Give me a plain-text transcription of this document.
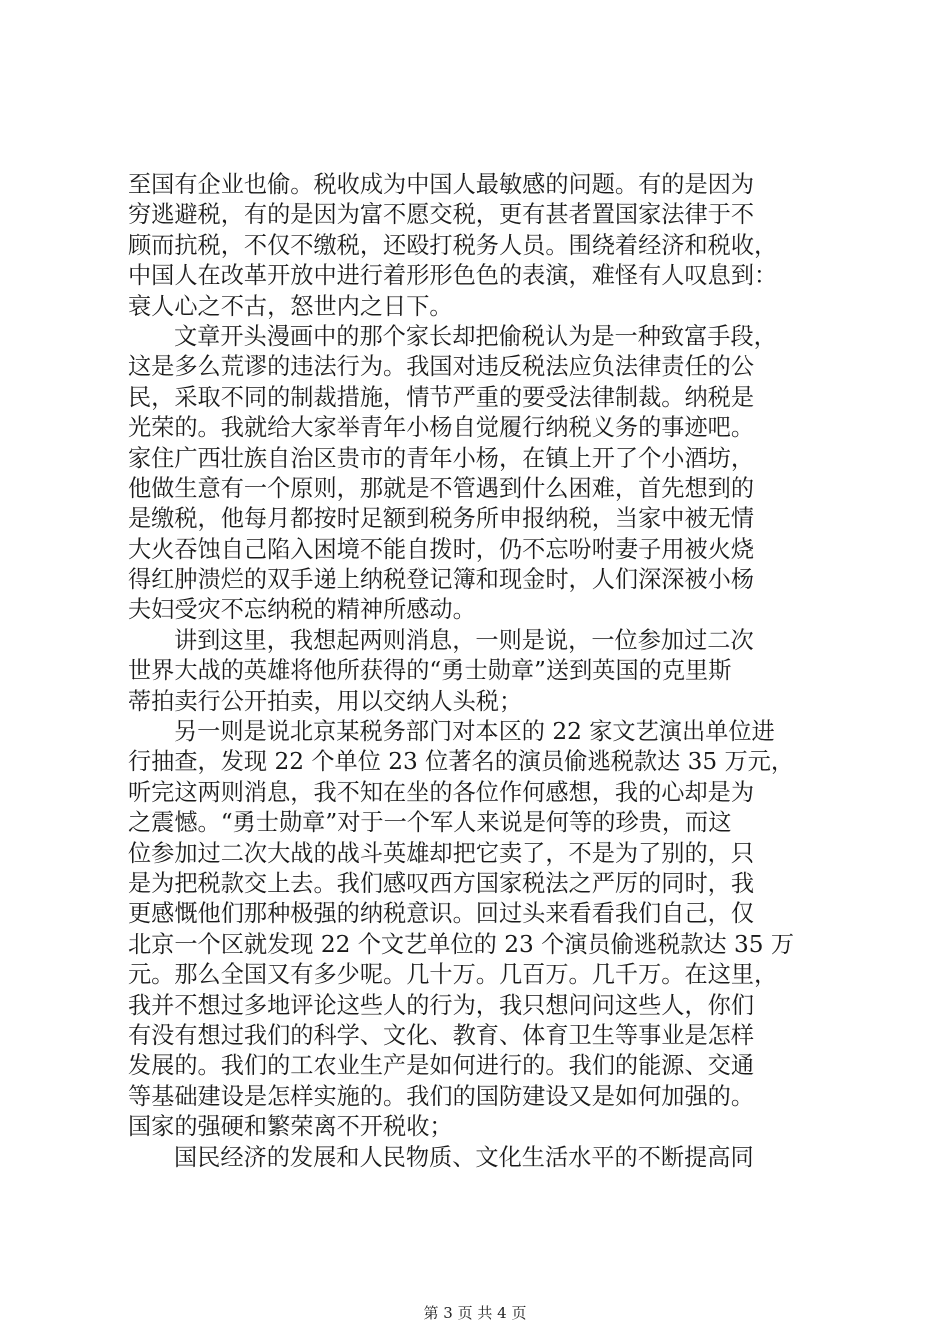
至国有企业也偷。税收成为中国人最敏感的问题。有的是因为
穷逃避税，有的是因为富不愿交税，更有甚者置国家法律于不
顾而抗税，不仅不缴税，还殴打税务人员。围绕着经济和税收，
中国人在改革开放中进行着形形色色的表演，难怪有人叹息到：
衰人心之不古，怒世内之日下。
文章开头漫画中的那个家长却把偷税认为是一种致富手段，
这是多么荒谬的违法行为。我国对违反税法应负法律责任的公
民，采取不同的制裁措施，情节严重的要受法律制裁。纳税是
光荣的。我就给大家举青年小杨自觉履行纳税义务的事迹吧。
家住广西壮族自治区贵市的青年小杨，在镇上开了个小酒坊，
他做生意有一个原则，那就是不管遇到什么困难，首先想到的
是缴税，他每月都按时足额到税务所申报纳税，当家中被无情
大火吞蚀自己陷入困境不能自拨时，仍不忘吩咐妻子用被火烧
得红肿溃烂的双手递上纳税登记簿和现金时，人们深深被小杨
夫妇受灾不忘纳税的精神所感动。
讲到这里，我想起两则消息，一则是说，一位参加过二次
世界大战的英雄将他所获得的“勇士勋章”送到英国的克里斯
蒂拍卖行公开拍卖，用以交纳人头税；
另一则是说北京某税务部门对本区的 22 家文艺演出单位进
行抽查，发现 22 个单位 23 位著名的演员偷逃税款达 35 万元，
听完这两则消息，我不知在坐的各位作何感想，我的心却是为
之震憾。“勇士勋章”对于一个军人来说是何等的珍贵，而这
位参加过二次大战的战斗英雄却把它卖了，不是为了别的，只
是为把税款交上去。我们感叹西方国家税法之严厉的同时，我
更感慨他们那种极强的纳税意识。回过头来看看我们自己，仅
北京一个区就发现 22 个文艺单位的 23 个演员偷逃税款达 35 万
元。那么全国又有多少呢。几十万。几百万。几千万。在这里，
我并不想过多地评论这些人的行为，我只想问问这些人，你们
有没有想过我们的科学、文化、教育、体育卫生等事业是怎样
发展的。我们的工农业生产是如何进行的。我们的能源、交通
等基础建设是怎样实施的。我们的国防建设又是如何加强的。
国家的强硬和繁荣离不开税收；
国民经济的发展和人民物质、文化生活水平的不断提高同
第 3 页 共 4 页
